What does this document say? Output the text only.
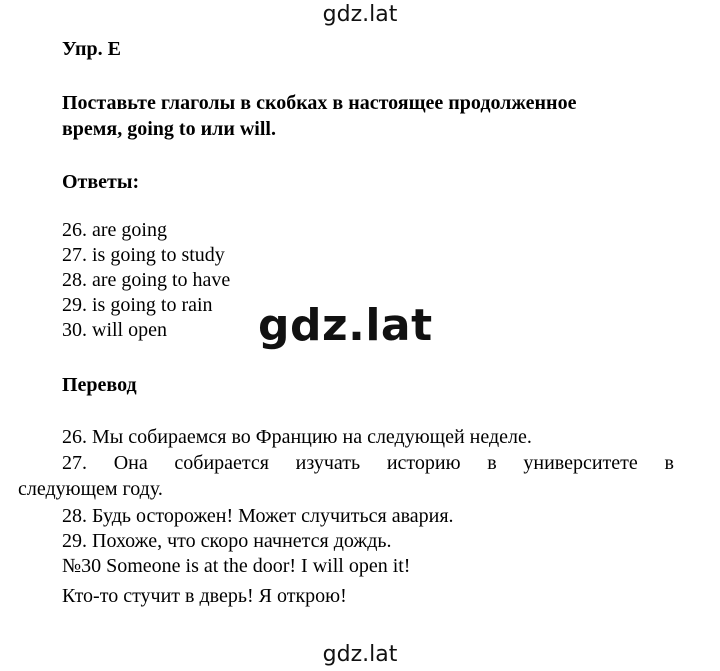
gdz.lat
Упр. Е
Поставьте глаголы в скобках в настоящее продолженное
время, going to или will.
Ответы:
26. are going
27. is going to study
28. are going to have
29. is going to rain
30. will open	gdz.lat
Перевод
26. Мы собираемся во Францию на следующей неделе.
27. Она собирается изучать историю в университете в
следующем году.
28. Будь осторожен! Может случиться авария.
29. Похоже, что скоро начнется дождь.
№30 Someone is at the door! I will open it!
Кто-то стучит в дверь! Я открою!
gdz.lat
